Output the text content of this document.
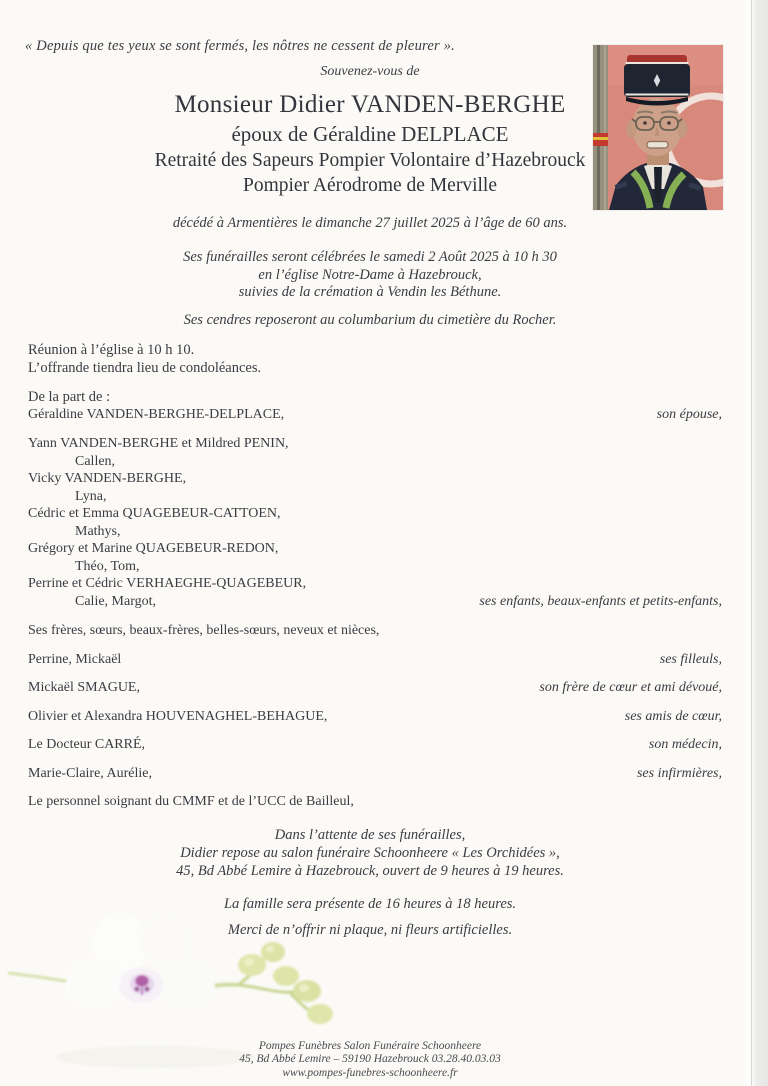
« Depuis que tes yeux se sont fermés, les nôtres ne cessent de pleurer ».
Souvenez-vous de
Monsieur Didier VANDEN-BERGHE
époux de Géraldine DELPLACE
Retraité des Sapeurs Pompier Volontaire d’Hazebrouck
Pompier Aérodrome de Merville
décédé à Armentières le dimanche 27 juillet 2025 à l’âge de 60 ans.
Ses funérailles seront célébrées le samedi 2 Août 2025 à 10 h 30
en l’église Notre-Dame à Hazebrouck,
suivies de la crémation à Vendin les Béthune.
Ses cendres reposeront au columbarium du cimetière du Rocher.
Réunion à l’église à 10 h 10.
L’offrande tiendra lieu de condoléances.
De la part de :
Géraldine VANDEN-BERGHE-DELPLACE,	son épouse,
Yann VANDEN-BERGHE et Mildred PENIN,
Callen,
Vicky VANDEN-BERGHE,
Lyna,
Cédric et Emma QUAGEBEUR-CATTOEN,
Mathys,
Grégory et Marine QUAGEBEUR-REDON,
Théo, Tom,
Perrine et Cédric VERHAEGHE-QUAGEBEUR,
Calie, Margot,	ses enfants, beaux-enfants et petits-enfants,
Ses frères, sœurs, beaux-frères, belles-sœurs, neveux et nièces,
Perrine, Mickaël	ses filleuls,
Mickaël SMAGUE,	son frère de cœur et ami dévoué,
Olivier et Alexandra HOUVENAGHEL-BEHAGUE,	ses amis de cœur,
Le Docteur CARRÉ,	son médecin,
Marie-Claire, Aurélie,	ses infirmières,
Le personnel soignant du CMMF et de l’UCC de Bailleul,
Dans l’attente de ses funérailles,
Didier repose au salon funéraire Schoonheere « Les Orchidées »,
45, Bd Abbé Lemire à Hazebrouck, ouvert de 9 heures à 19 heures.
La famille sera présente de 16 heures à 18 heures.
Merci de n’offrir ni plaque, ni fleurs artificielles.
Pompes Funèbres Salon Funéraire Schoonheere
45, Bd Abbé Lemire – 59190 Hazebrouck 03.28.40.03.03
www.pompes-funebres-schoonheere.fr
